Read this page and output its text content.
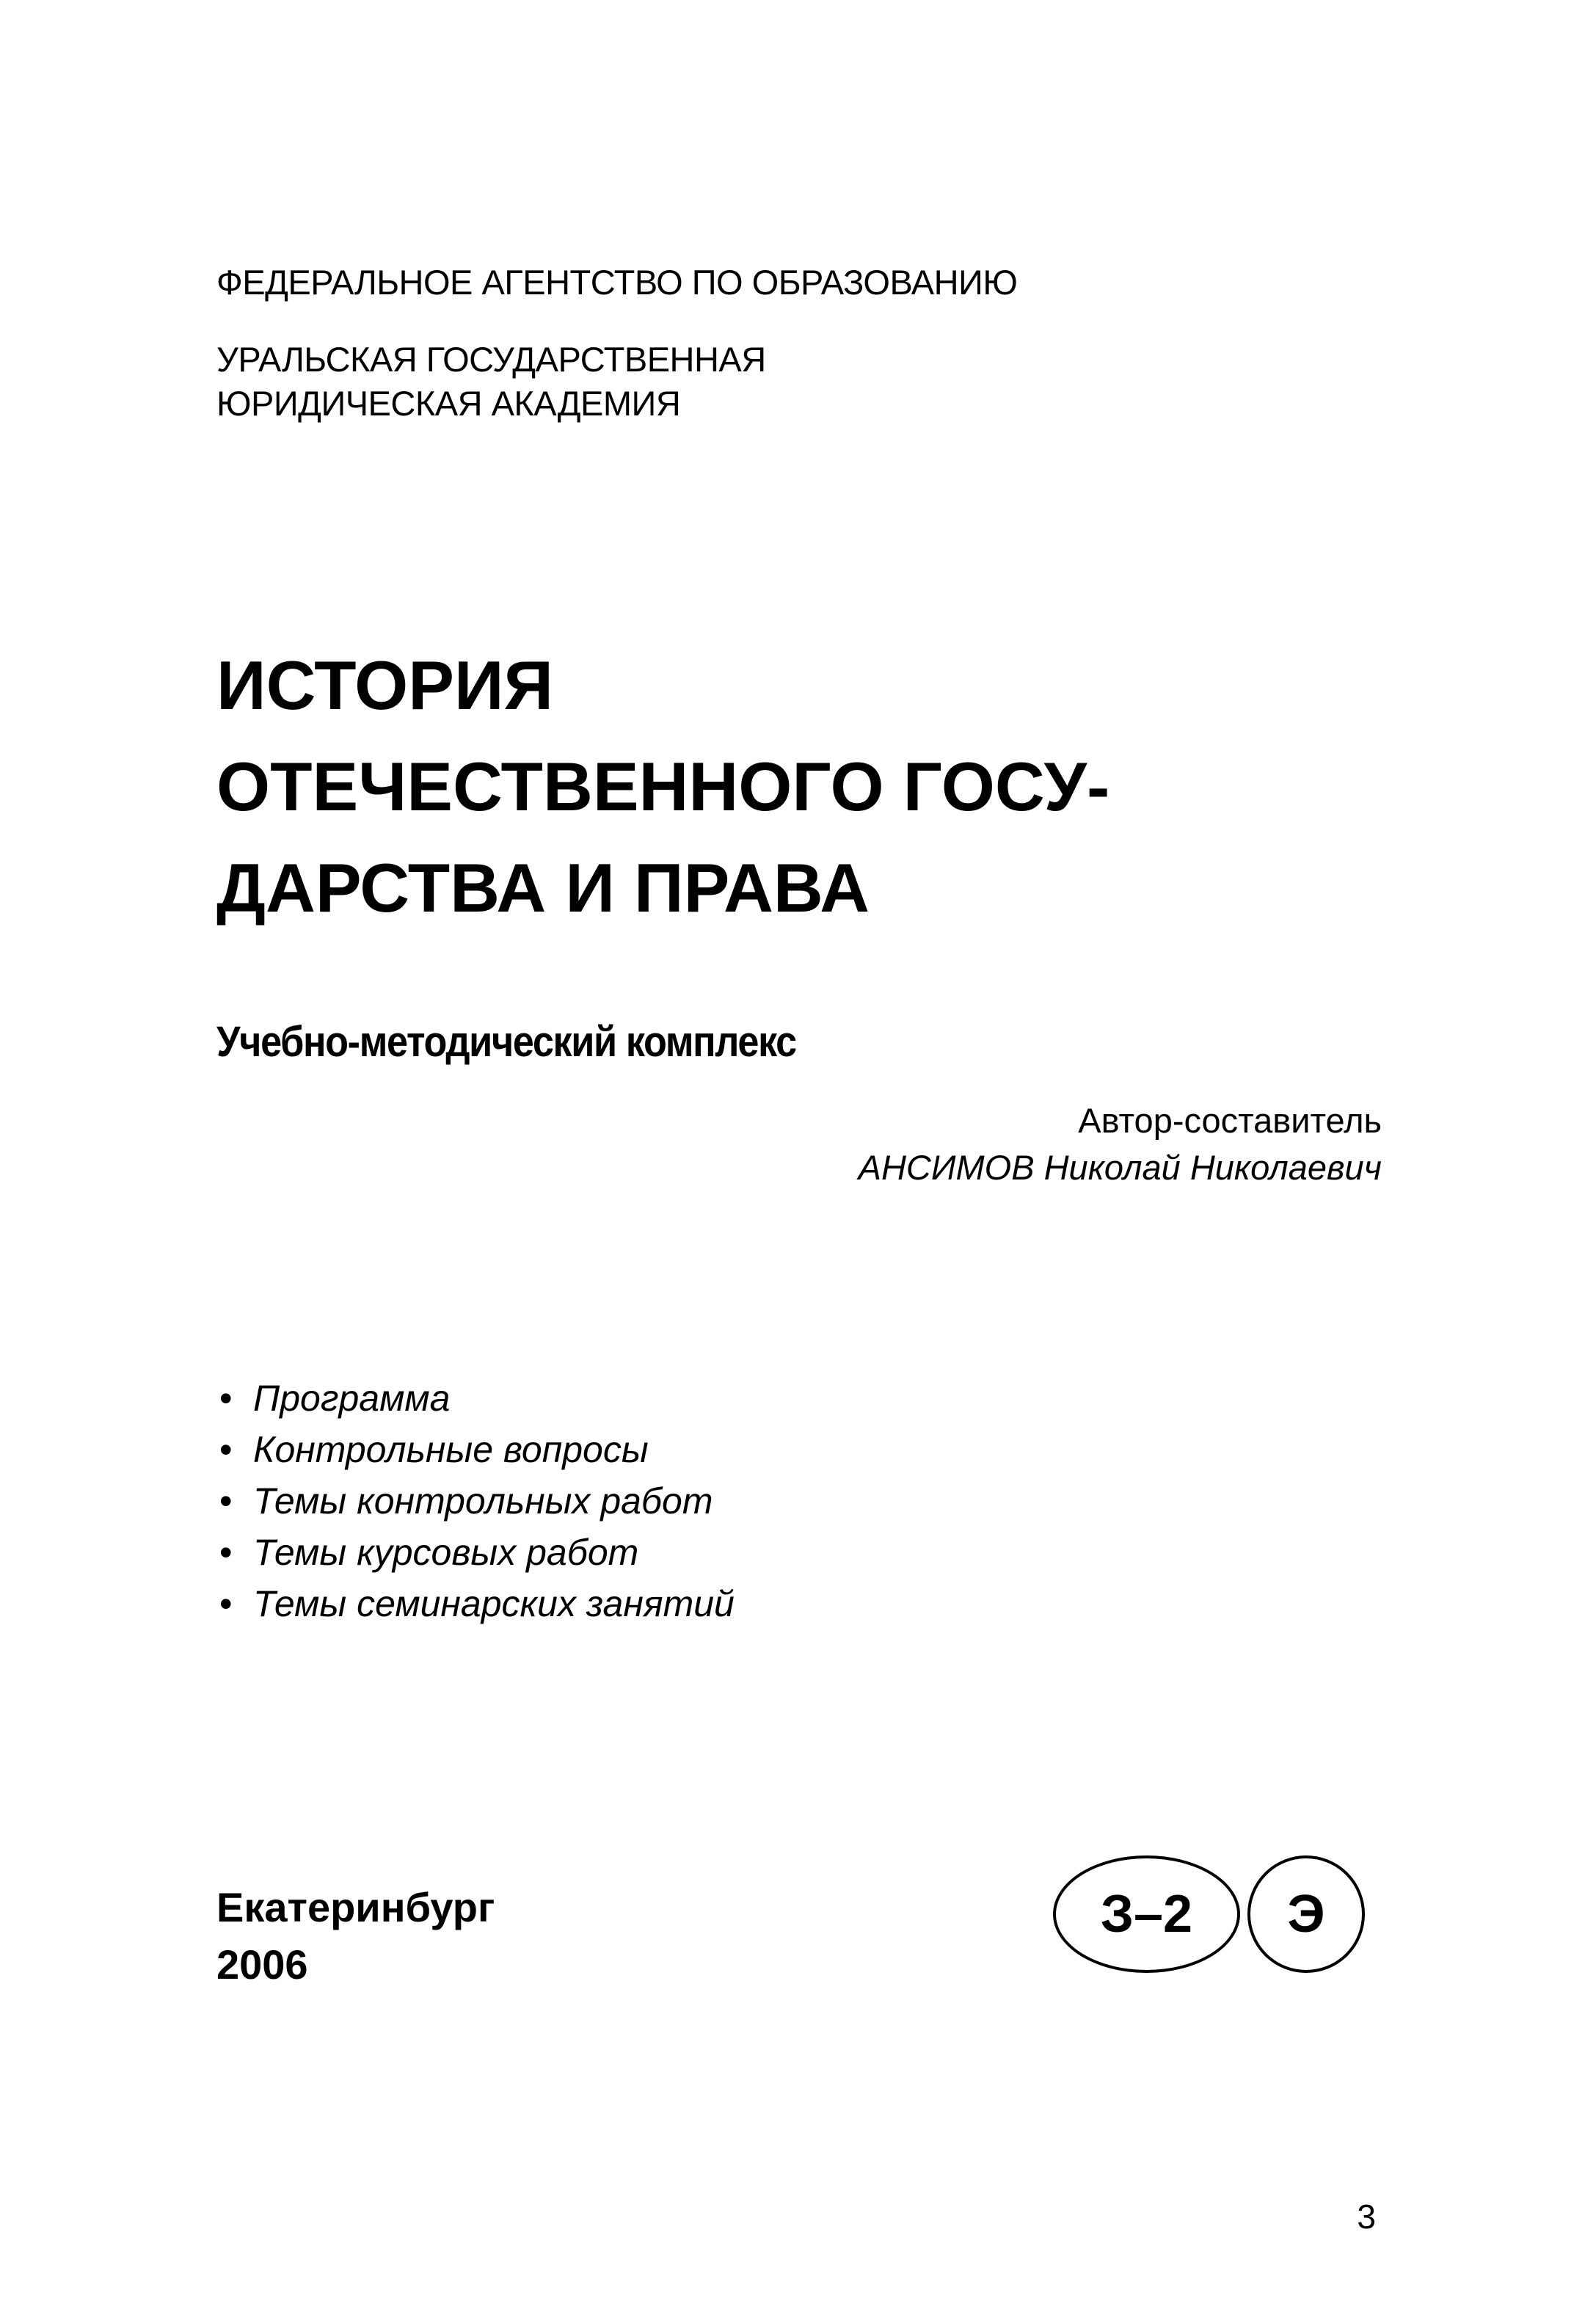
ФЕДЕРАЛЬНОЕ АГЕНТСТВО ПО ОБРАЗОВАНИЮ
УРАЛЬСКАЯ ГОСУДАРСТВЕННАЯ
ЮРИДИЧЕСКАЯ АКАДЕМИЯ
ИСТОРИЯ
ОТЕЧЕСТВЕННОГО ГОСУ-
ДАРСТВА И ПРАВА
Учебно-методический комплекс
Автор-составитель
АНСИМОВ Николай Николаевич
• Программа
• Контрольные вопросы
• Темы контрольных работ
• Темы курсовых работ
• Темы семинарских занятий
Екатеринбург
2006
З–2	Э
3
